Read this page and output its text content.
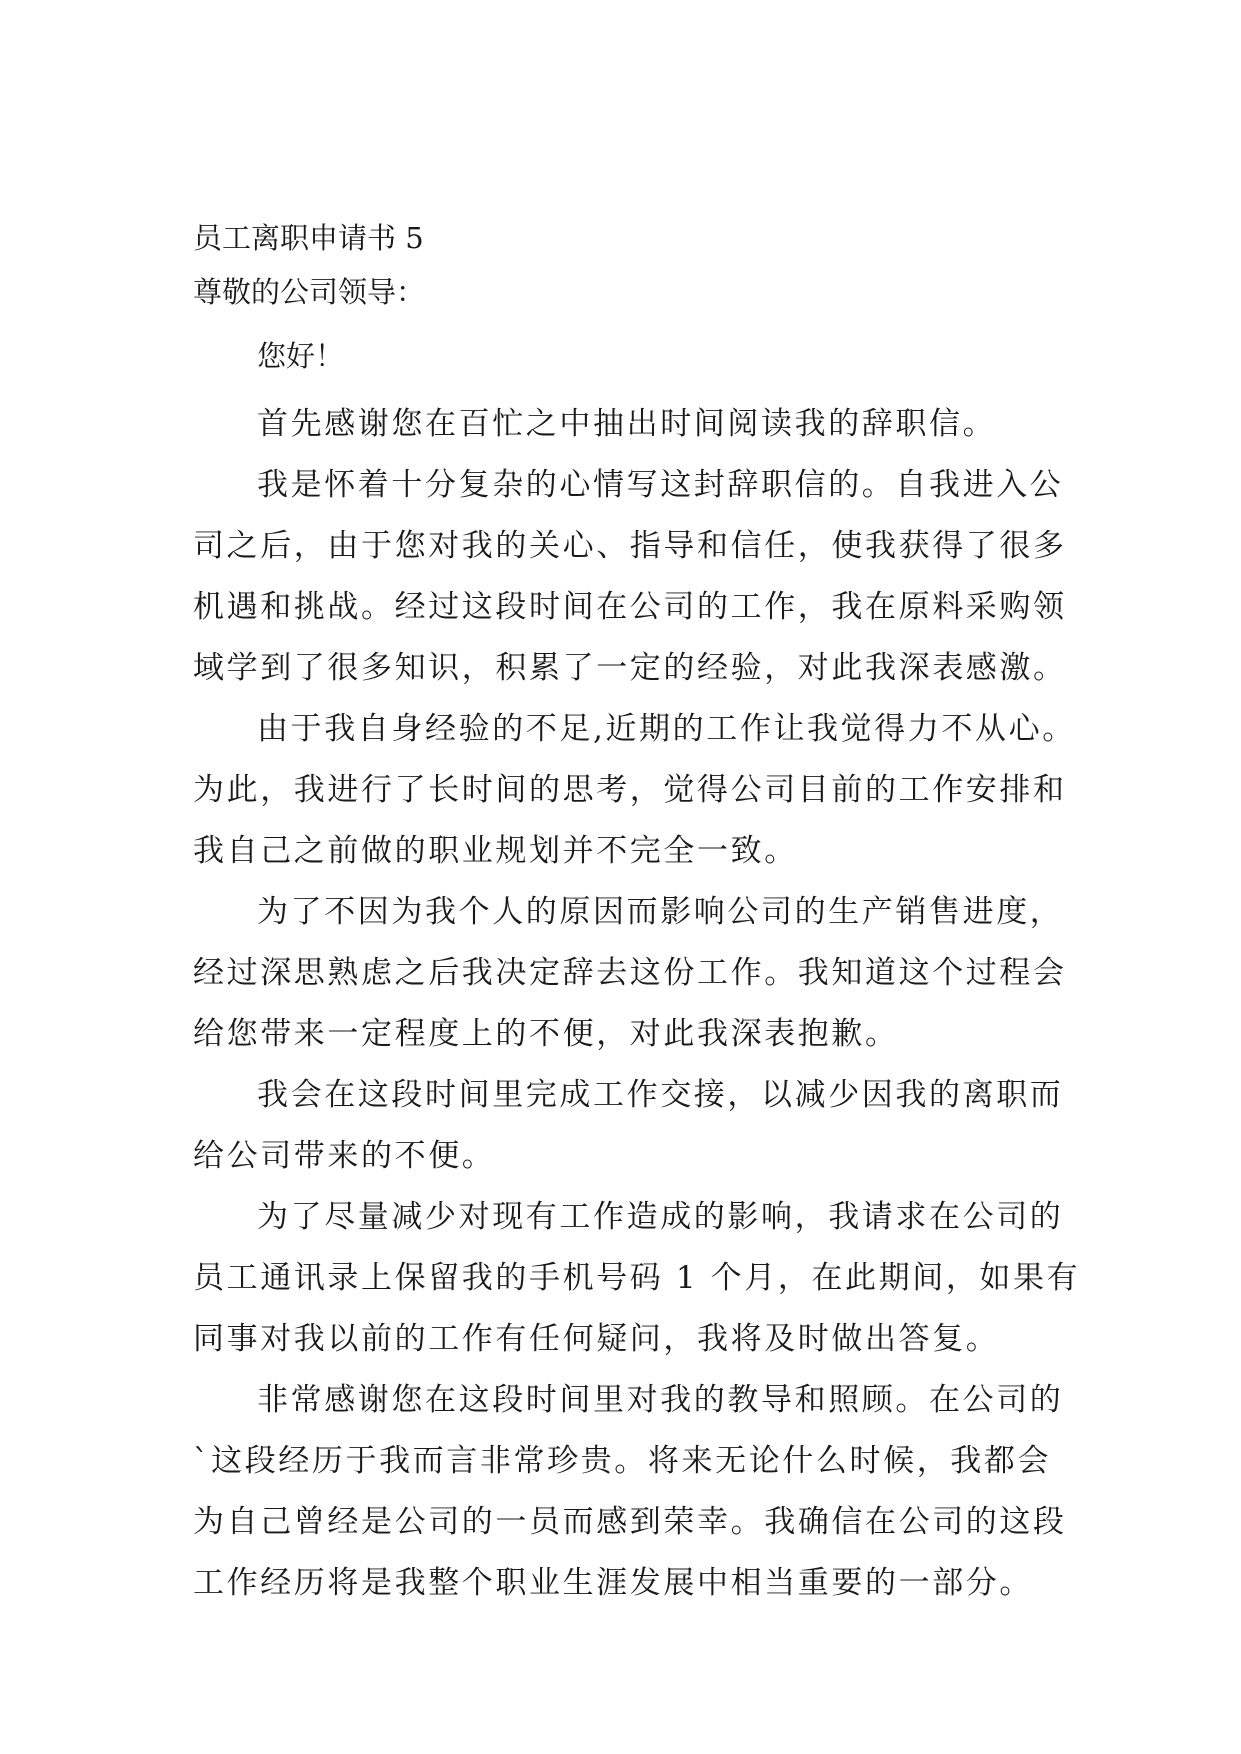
员工离职申请书 5

尊敬的公司领导：

您好！

首先感谢您在百忙之中抽出时间阅读我的辞职信。

我是怀着十分复杂的心情写这封辞职信的。自我进入公
司之后，由于您对我的关心、指导和信任，使我获得了很多
机遇和挑战。经过这段时间在公司的工作，我在原料采购领
域学到了很多知识，积累了一定的经验，对此我深表感激。

由于我自身经验的不足,近期的工作让我觉得力不从心。
为此，我进行了长时间的思考，觉得公司目前的工作安排和
我自己之前做的职业规划并不完全一致。

为了不因为我个人的原因而影响公司的生产销售进度，
经过深思熟虑之后我决定辞去这份工作。我知道这个过程会
给您带来一定程度上的不便，对此我深表抱歉。

我会在这段时间里完成工作交接，以减少因我的离职而
给公司带来的不便。

为了尽量减少对现有工作造成的影响，我请求在公司的
员工通讯录上保留我的手机号码 1 个月，在此期间，如果有
同事对我以前的工作有任何疑问，我将及时做出答复。

非常感谢您在这段时间里对我的教导和照顾。在公司的
`这段经历于我而言非常珍贵。将来无论什么时候，我都会
为自己曾经是公司的一员而感到荣幸。我确信在公司的这段
工作经历将是我整个职业生涯发展中相当重要的一部分。
